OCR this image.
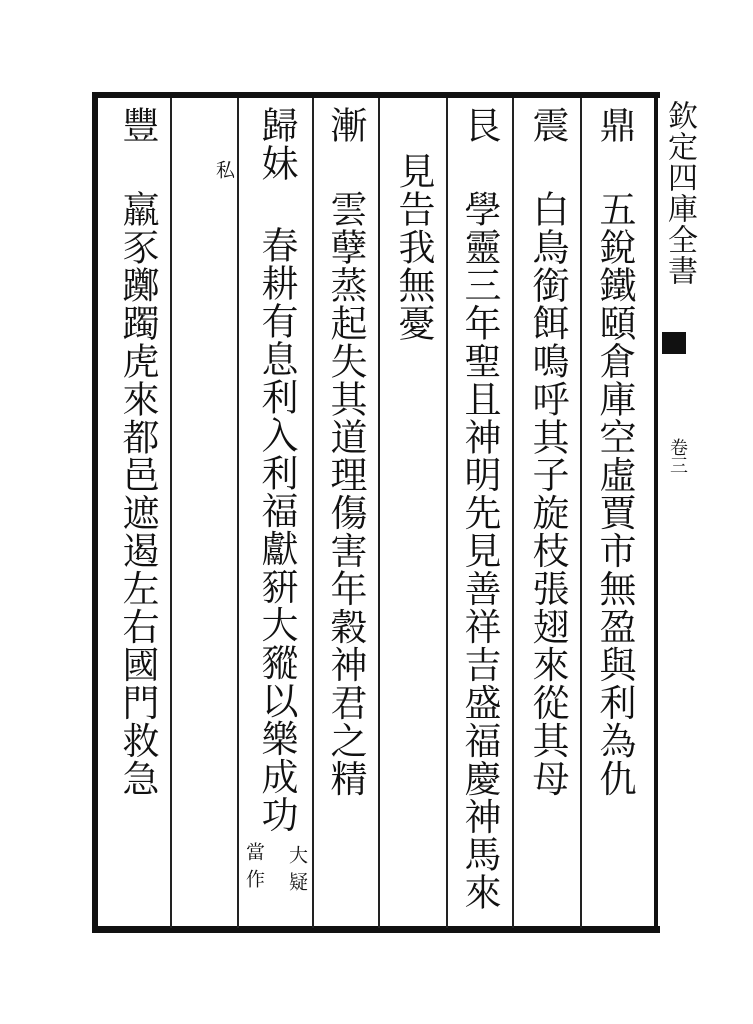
欽定四庫全書
卷三
鼎
五銳鐵頤倉庫空虛賈市無盈與利為仇
震
白鳥銜餌鳴呼其子旋枝張翅來從其母
艮
學靈三年聖且神明先見善祥吉盛福慶神馬來
見告我無憂
漸
雲孽蒸起失其道理傷害年穀神君之精
歸妹
春耕有息利入利福獻豣大豵以樂成功
大疑
當作
私
豐
羸豕躑躅虎來都邑遮遏左右國門救急
